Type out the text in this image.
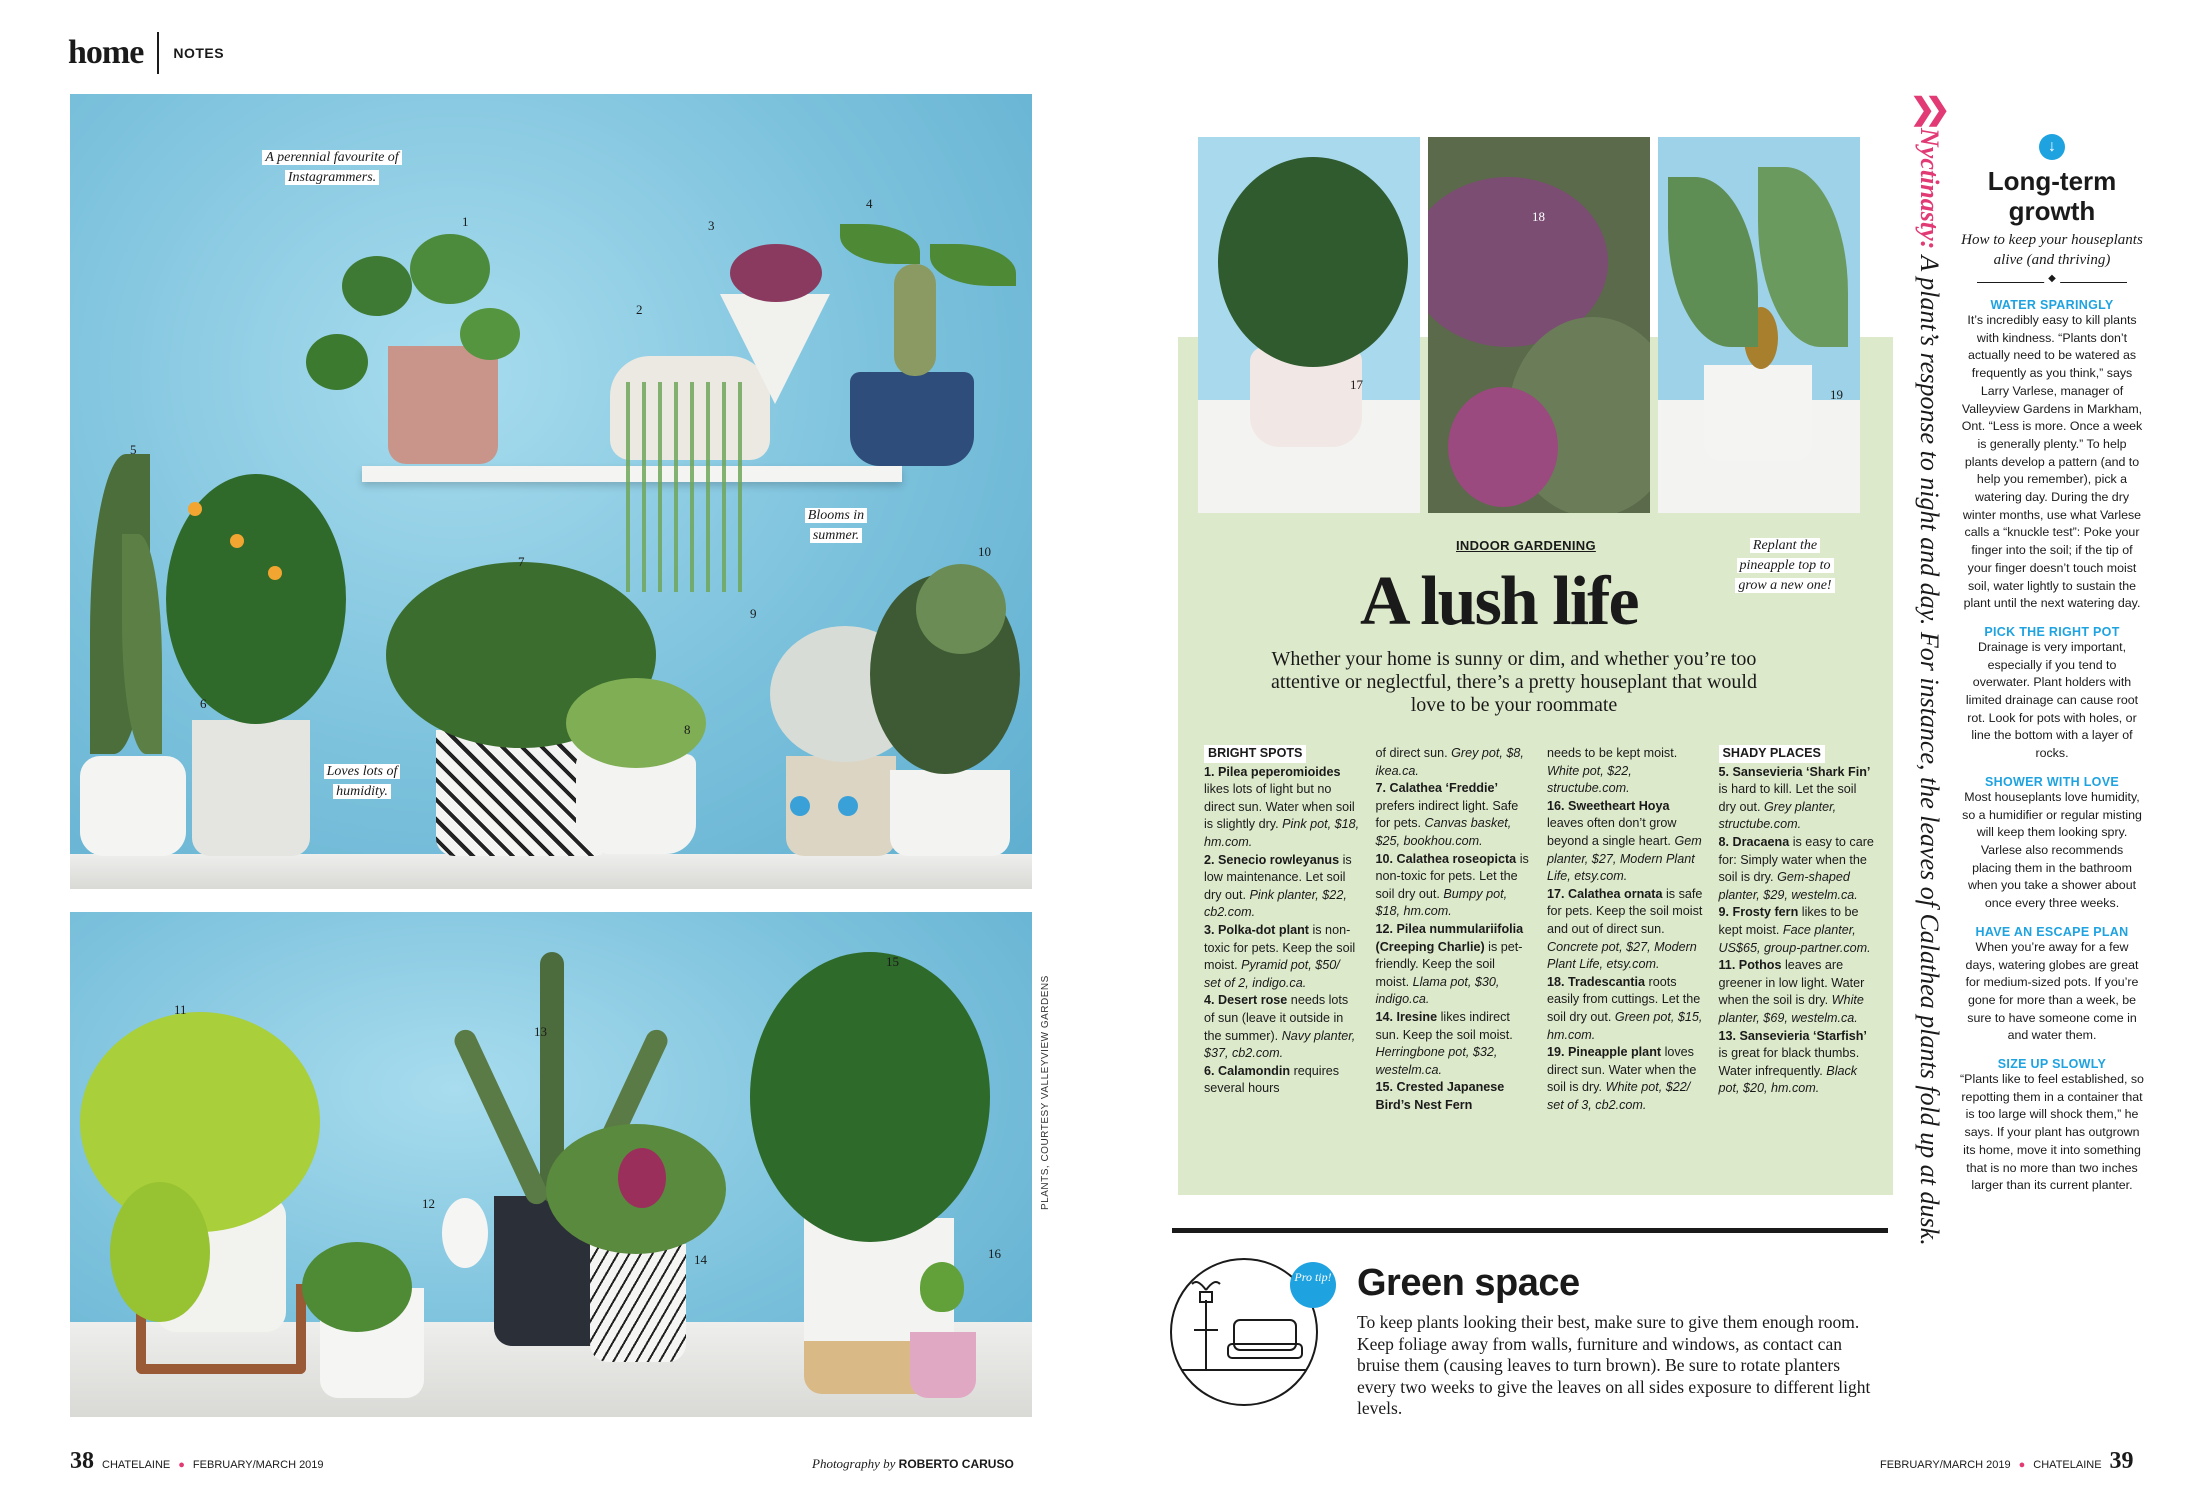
home NOTES
1
2
3
4
5
6
7
8
9
10
A perennial favourite of Instagrammers.
Blooms in summer.
Loves lots of humidity.
11
12
13
14
15
16
PLANTS, COURTESY VALLEYVIEW GARDENS
38 CHATELAINE ● FEBRUARY/MARCH 2019	Photography by ROBERTO CARUSO
17
18
19
Replant the pineapple top to grow a new one!
INDOOR GARDENING
A lush life

Whether your home is sunny or dim, and whether you’re too attentive or neglectful, there’s a pretty houseplant that would love to be your roommate

BRIGHT SPOTS
1. Pilea peperomioides likes lots of light but no direct sun. Water when soil is slightly dry. Pink pot, $18, hm.com.
2. Senecio rowleyanus is low maintenance. Let soil dry out. Pink planter, $22, cb2.com.
3. Polka-dot plant is non-toxic for pets. Keep the soil moist. Pyramid pot, $50/ set of 2, indigo.ca.
4. Desert rose needs lots of sun (leave it outside in the summer). Navy planter, $37, cb2.com.
6. Calamondin requires several hours
of direct sun. Grey pot, $8, ikea.ca.
7. Calathea ‘Freddie’ prefers indirect light. Safe for pets. Canvas basket, $25, bookhou.com.
10. Calathea roseopicta is non-toxic for pets. Let the soil dry out. Bumpy pot, $18, hm.com.
12. Pilea nummulariifolia (Creeping Charlie) is pet-friendly. Keep the soil moist. Llama pot, $30, indigo.ca.
14. Iresine likes indirect sun. Keep the soil moist. Herringbone pot, $32, westelm.ca.
15. Crested Japanese Bird’s Nest Fern
needs to be kept moist. White pot, $22, structube.com.
16. Sweetheart Hoya leaves often don’t grow beyond a single heart. Gem planter, $27, Modern Plant Life, etsy.com.
17. Calathea ornata is safe for pets. Keep the soil moist and out of direct sun. Concrete pot, $27, Modern Plant Life, etsy.com.
18. Tradescantia roots easily from cuttings. Let the soil dry out. Green pot, $15, hm.com.
19. Pineapple plant loves direct sun. Water when the soil is dry. White pot, $22/ set of 3, cb2.com.
SHADY PLACES
5. Sansevieria ‘Shark Fin’ is hard to kill. Let the soil dry out. Grey planter, structube.com.
8. Dracaena is easy to care for: Simply water when the soil is dry. Gem-shaped planter, $29, westelm.ca.
9. Frosty fern likes to be kept moist. Face planter, US$65, group-partner.com.
11. Pothos leaves are greener in low light. Water when the soil is dry. White planter, $69, westelm.ca.
13. Sansevieria ‘Starfish’ is great for black thumbs. Water infrequently. Black pot, $20, hm.com.
Pro tip! Green space

To keep plants looking their best, make sure to give them enough room. Keep foliage away from walls, furniture and windows, as contact can bruise them (causing leaves to turn brown). Be sure to rotate planters every two weeks to give the leaves on all sides exposure to different light levels.

❯❯
Nyctinasty: A plant’s response to night and day. For instance, the leaves of Calathea plants fold up at dusk.
↓
Long-term growth
How to keep your houseplants alive (and thriving)
◆
WATER SPARINGLY
It’s incredibly easy to kill plants with kindness. “Plants don’t actually need to be watered as frequently as you think,” says Larry Varlese, manager of Valleyview Gardens in Markham, Ont. “Less is more. Once a week is generally plenty.” To help plants develop a pattern (and to help you remember), pick a watering day. During the dry winter months, use what Varlese calls a “knuckle test”: Poke your finger into the soil; if the tip of your finger doesn’t touch moist soil, water lightly to sustain the plant until the next watering day.
PICK THE RIGHT POT
Drainage is very important, especially if you tend to overwater. Plant holders with limited drainage can cause root rot. Look for pots with holes, or line the bottom with a layer of rocks.
SHOWER WITH LOVE
Most houseplants love humidity, so a humidifier or regular misting will keep them looking spry. Varlese also recommends placing them in the bathroom when you take a shower about once every three weeks.
HAVE AN ESCAPE PLAN
When you’re away for a few days, watering globes are great for medium-sized pots. If you’re gone for more than a week, be sure to have someone come in and water them.
SIZE UP SLOWLY
“Plants like to feel established, so repotting them in a container that is too large will shock them,” he says. If your plant has outgrown its home, move it into something that is no more than two inches larger than its current planter.
FEBRUARY/MARCH 2019 ● CHATELAINE 39
